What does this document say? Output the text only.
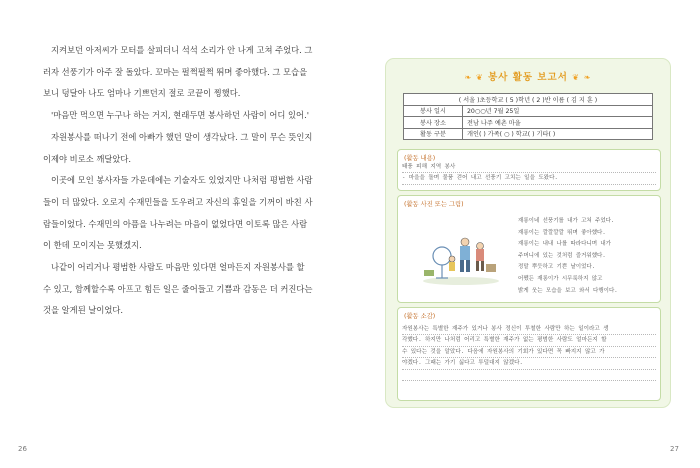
지켜보던 아저씨가 모터를 살피더니 석석 소리가 안 나게 고쳐 주었다. 그러자 선풍기가 아주 잘 돌았다. 꼬마는 펄쩍펄쩍 뛰며 좋아했다. 그 모습을 보니 덩달아 나도 엄마나 기쁘던지 절로 코끝이 찡했다.

'마음만 먹으면 누구나 하는 거지, 현래두면 봉사하던 사람이 어디 있어.'

자원봉사를 떠나기 전에 아빠가 했던 말이 생각났다. 그 말이 무슨 뜻인지 이제야 비로소 깨달았다.

이곳에 모인 봉사자들 가운데에는 기술자도 있었지만 나처럼 평범한 사람들이 더 많았다. 오로지 수재민들을 도우려고 자신의 휴일을 기꺼이 바친 사람들이었다. 수재민의 아픔을 나누려는 마음이 없었다면 이토록 많은 사람이 한데 모이지는 못했겠지.

나같이 어리거나 평범한 사람도 마음만 있다면 얼마든지 자원봉사를 할 수 있고, 함께할수록 아프고 힘든 일은 줄어들고 기쁨과 감동은 더 커진다는 것을 알게된 날이었다.

26	27
❧ ❦ 봉사 활동 보고서 ❦ ❧
( 서울 )초등학교 ( 5 )학년 ( 2 )반 이름 ( 김 지 훈 )	
봉사 일시	20○○년 7월 25일
봉사 장소	전남 나주 예촌 마을
활동 구분	개인( ) 가족( ○ ) 학교( ) 기타( )
(활동 내용)
태풍 피해 지역 봉사
- 마을을 돌며 물품 걷어 내고 선풍기 고치는 일을 도왔다.
(활동 사진 또는 그림)
재롱이네 선풍기를 내가 고쳐 주었다.
재롱이는 깔깔깔깔 뛰며 좋아했다.
재롱이는 내내 나를 따라다니며 내가
주머니에 있는 것처럼 즐거워했다.
정말 뿌듯하고 기쁜 날이었다.
어쨌든 재롱이가 시무룩하지 않고
밝게 웃는 모습을 보고 와서 다행이다.
(활동 소감)
자원봉사는 특별한 재주가 있거나 봉사 정신이 투철한 사람만 하는 일이라고 생
각했다. 하지만 나처럼 어리고 특별한 재주가 없는 평범한 사람도 얼마든지 할
수 있다는 것을 알았다. 다음에 자원봉사의 기회가 있다면 꼭 빠지지 않고 가
야겠다. 그때는 가기 싫다고 투덜대지 않겠다.
